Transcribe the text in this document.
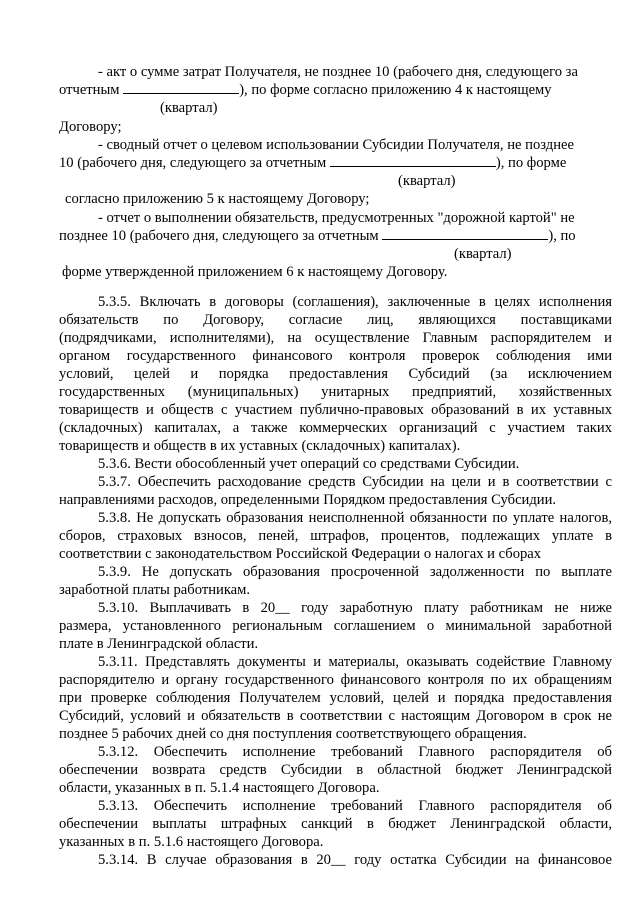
- акт о сумме затрат Получателя, не позднее 10 (рабочего дня, следующего за
отчетным	), по форме согласно приложению 4 к настоящему
(квартал)
Договору;
- сводный отчет о целевом использовании Субсидии Получателя, не позднее
10 (рабочего дня, следующего за отчетным	), по форме
(квартал)
согласно приложению 5 к настоящему Договору;
- отчет о выполнении обязательств, предусмотренных "дорожной картой" не
позднее 10 (рабочего дня, следующего за отчетным	), по
(квартал)
форме утвержденной приложением 6 к настоящему Договору.
5.3.5. Включать в договоры (соглашения), заключенные в целях исполнения
обязательств по Договору, согласие лиц, являющихся поставщиками
(подрядчиками, исполнителями), на осуществление Главным распорядителем и
органом государственного финансового контроля проверок соблюдения ими
условий, целей и порядка предоставления Субсидий (за исключением
государственных (муниципальных) унитарных предприятий, хозяйственных
товариществ и обществ с участием публично-правовых образований в их уставных
(складочных) капиталах, а также коммерческих организаций с участием таких
товариществ и обществ в их уставных (складочных) капиталах).
5.3.6. Вести обособленный учет операций со средствами Субсидии.
5.3.7. Обеспечить расходование средств Субсидии на цели и в соответствии с
направлениями расходов, определенными Порядком предоставления Субсидии.
5.3.8. Не допускать образования неисполненной обязанности по уплате налогов,
сборов, страховых взносов, пеней, штрафов, процентов, подлежащих уплате в
соответствии с законодательством Российской Федерации о налогах и сборах
5.3.9. Не допускать образования просроченной задолженности по выплате
заработной платы работникам.
5.3.10. Выплачивать в 20__ году заработную плату работникам не ниже
размера, установленного региональным соглашением о минимальной заработной
плате в Ленинградской области.
5.3.11. Представлять документы и материалы, оказывать содействие Главному
распорядителю и органу государственного финансового контроля по их обращениям
при проверке соблюдения Получателем условий, целей и порядка предоставления
Субсидий, условий и обязательств в соответствии с настоящим Договором в срок не
позднее 5 рабочих дней со дня поступления соответствующего обращения.
5.3.12. Обеспечить исполнение требований Главного распорядителя об
обеспечении возврата средств Субсидии в областной бюджет Ленинградской
области, указанных в п. 5.1.4 настоящего Договора.
5.3.13. Обеспечить исполнение требований Главного распорядителя об
обеспечении выплаты штрафных санкций в бюджет Ленинградской области,
указанных в п. 5.1.6 настоящего Договора.
5.3.14. В случае образования в 20__ году остатка Субсидии на финансовое
